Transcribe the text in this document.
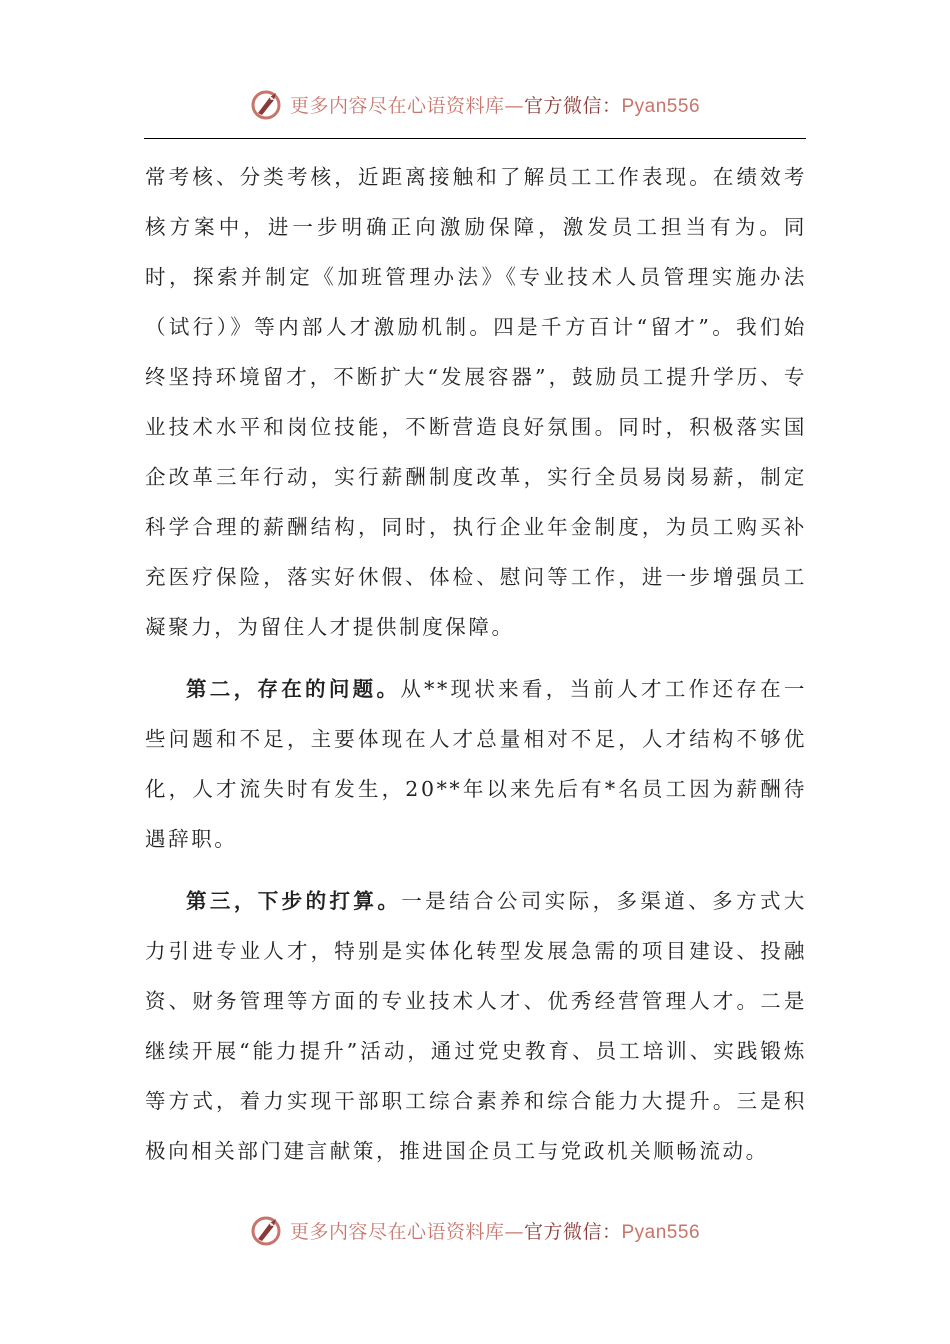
更多内容尽在心语资料库—官方微信：Pyan556

常考核、分类考核，近距离接触和了解员工工作表现。在绩效考核方案中，进一步明确正向激励保障，激发员工担当有为。同时，探索并制定《加班管理办法》《专业技术人员管理实施办法（试行）》等内部人才激励机制。四是千方百计“留才”。我们始终坚持环境留才，不断扩大“发展容器”，鼓励员工提升学历、专业技术水平和岗位技能，不断营造良好氛围。同时，积极落实国企改革三年行动，实行薪酬制度改革，实行全员易岗易薪，制定科学合理的薪酬结构，同时，执行企业年金制度，为员工购买补充医疗保险，落实好休假、体检、慰问等工作，进一步增强员工凝聚力，为留住人才提供制度保障。

第二，存在的问题。从**现状来看，当前人才工作还存在一些问题和不足，主要体现在人才总量相对不足，人才结构不够优化，人才流失时有发生，20**年以来先后有*名员工因为薪酬待遇辞职。

第三，下步的打算。一是结合公司实际，多渠道、多方式大力引进专业人才，特别是实体化转型发展急需的项目建设、投融资、财务管理等方面的专业技术人才、优秀经营管理人才。二是继续开展“能力提升”活动，通过党史教育、员工培训、实践锻炼等方式，着力实现干部职工综合素养和综合能力大提升。三是积极向相关部门建言献策，推进国企员工与党政机关顺畅流动。

更多内容尽在心语资料库—官方微信：Pyan556
